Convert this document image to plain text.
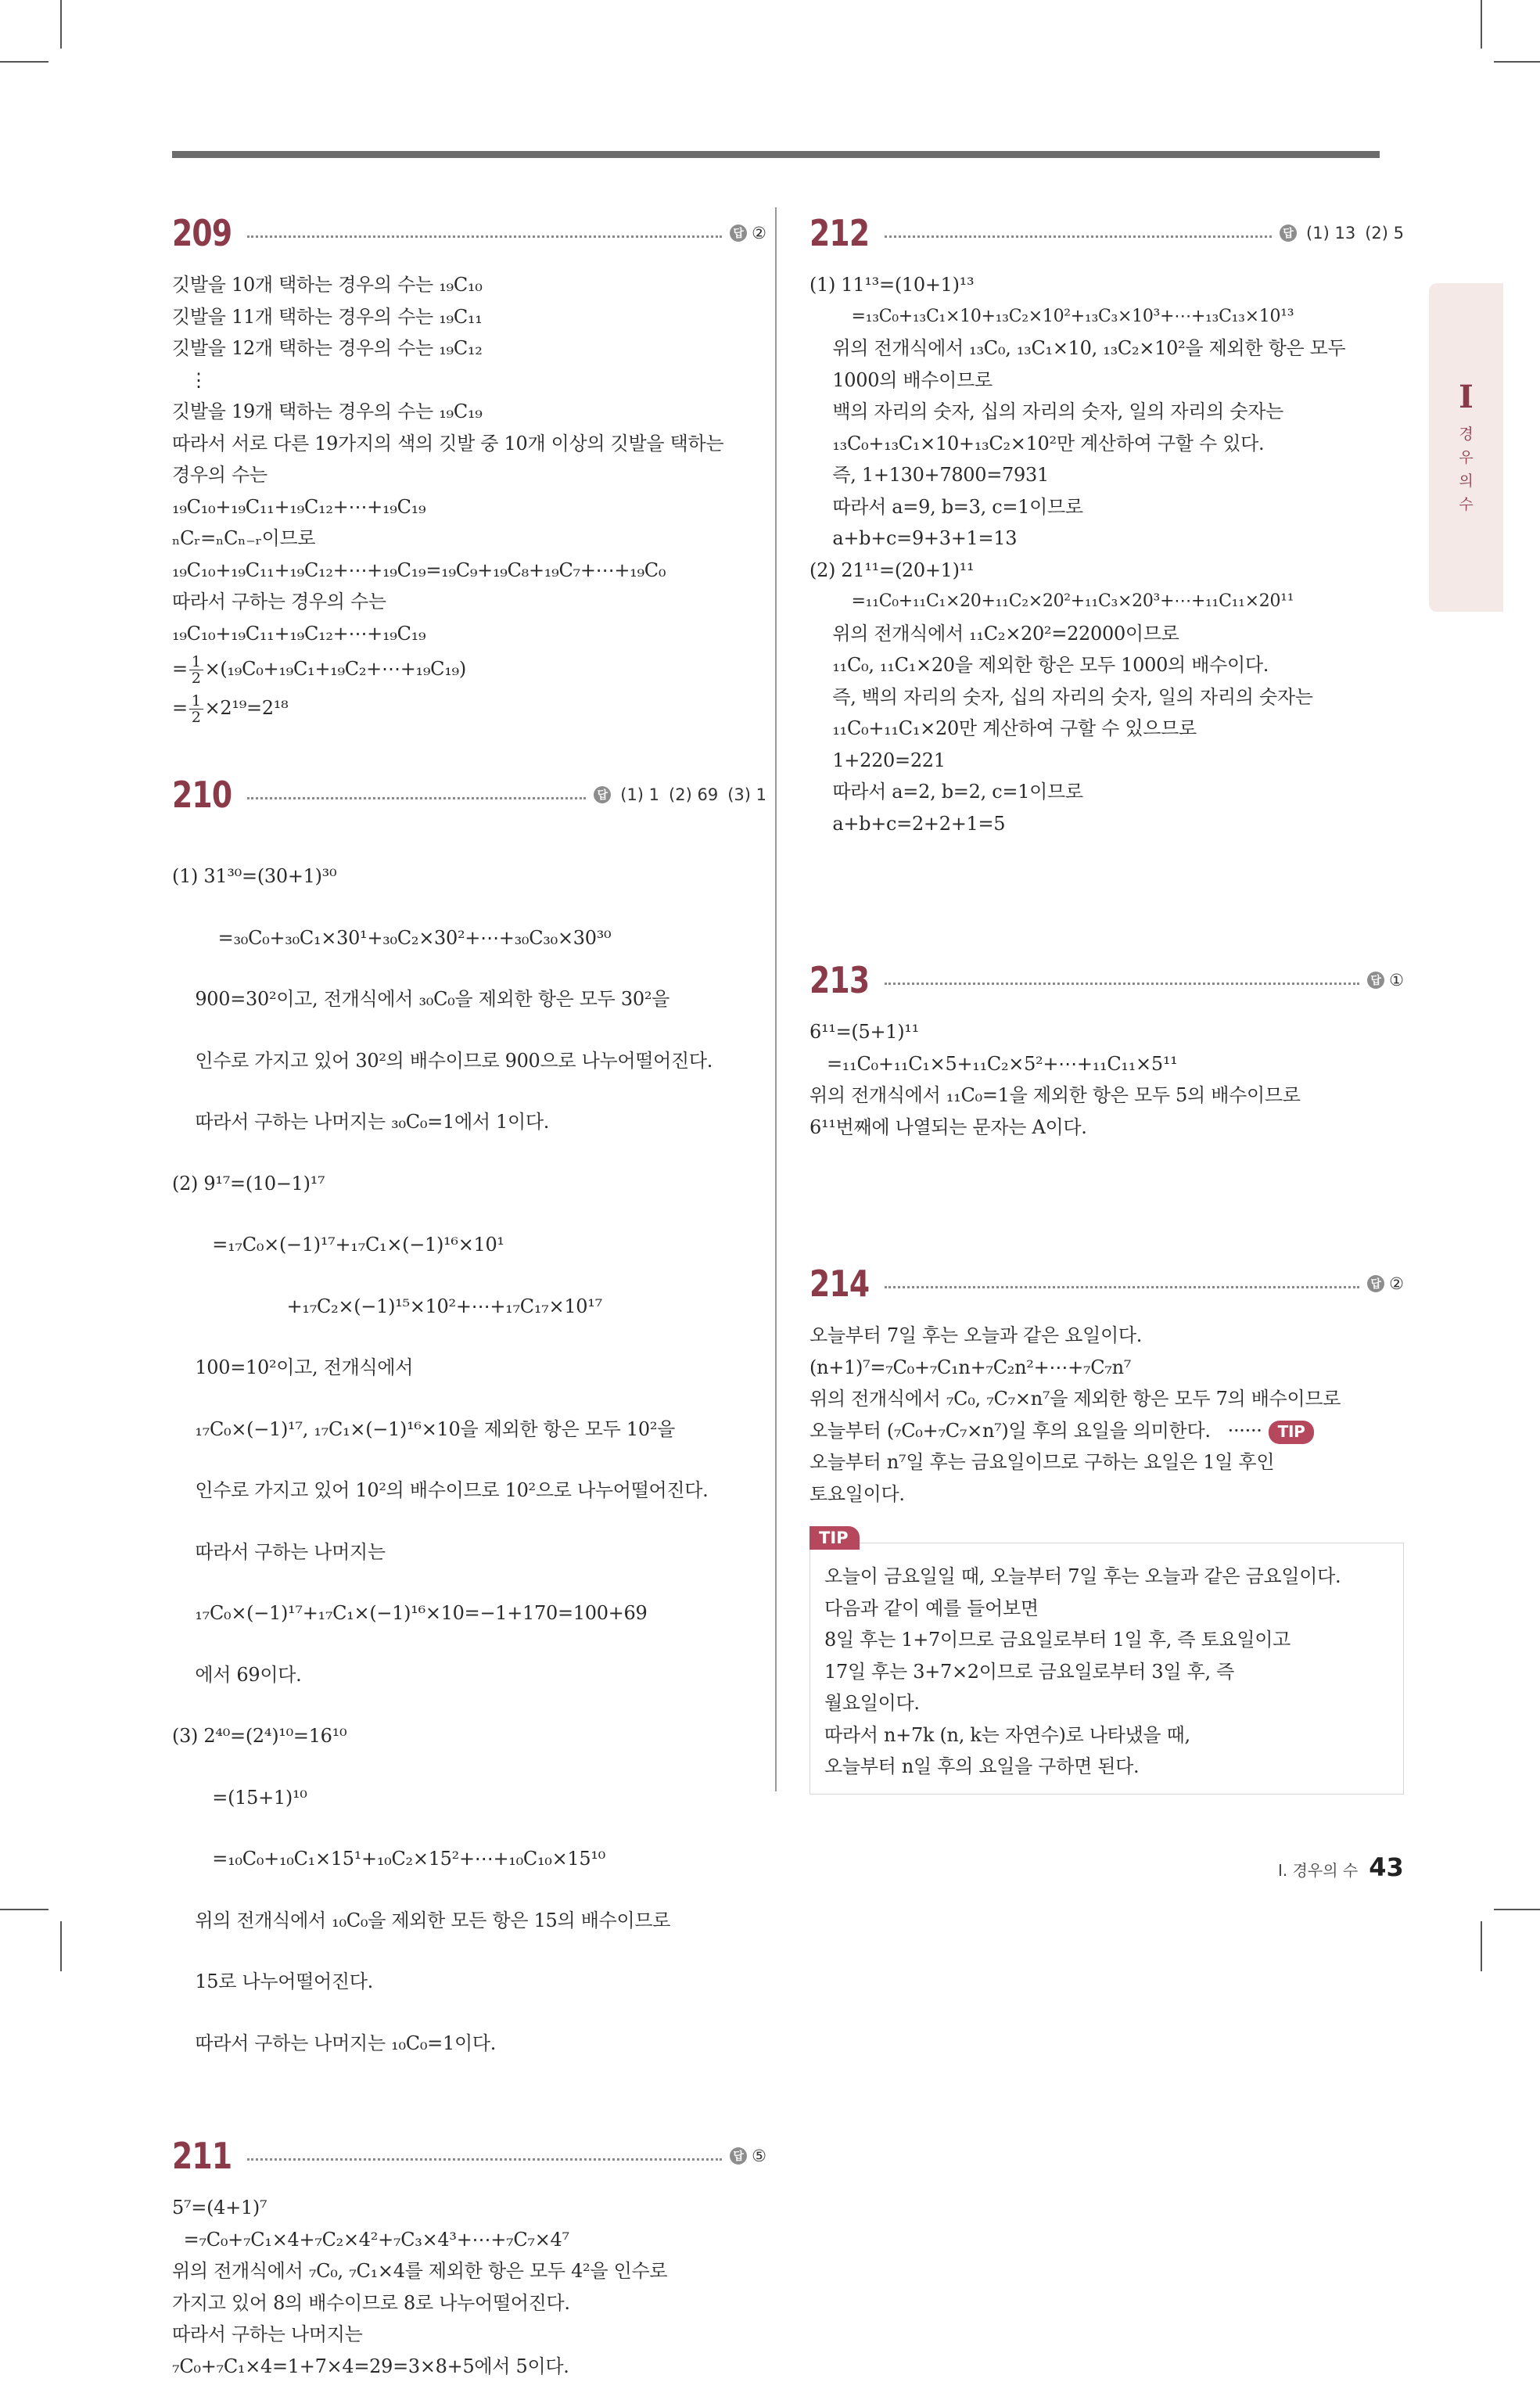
209	답 ②
깃발을 10개 택하는 경우의 수는 ₁₉C₁₀
깃발을 11개 택하는 경우의 수는 ₁₉C₁₁
깃발을 12개 택하는 경우의 수는 ₁₉C₁₂
⋮
깃발을 19개 택하는 경우의 수는 ₁₉C₁₉
따라서 서로 다른 19가지의 색의 깃발 중 10개 이상의 깃발을 택하는
경우의 수는
₁₉C₁₀+₁₉C₁₁+₁₉C₁₂+⋯+₁₉C₁₉
ₙCᵣ=ₙCₙ₋ᵣ이므로
₁₉C₁₀+₁₉C₁₁+₁₉C₁₂+⋯+₁₉C₁₉=₁₉C₉+₁₉C₈+₁₉C₇+⋯+₁₉C₀
따라서 구하는 경우의 수는
₁₉C₁₀+₁₉C₁₁+₁₉C₁₂+⋯+₁₉C₁₉
= $\frac{1}{2}$ ×(₁₉C₀+₁₉C₁+₁₉C₂+⋯+₁₉C₁₉)
= $\frac{1}{2} \times 2^{19}=2^{18}$
210	답 (1) 1 (2) 69 (3) 1

(1) 31³⁰=(30+1)³⁰

=₃₀C₀+₃₀C₁×30¹+₃₀C₂×30²+⋯+₃₀C₃₀×30³⁰

900=30²이고, 전개식에서 ₃₀C₀을 제외한 항은 모두 30²을

인수로 가지고 있어 30²의 배수이므로 900으로 나누어떨어진다.

따라서 구하는 나머지는 ₃₀C₀=1에서 1이다.

(2) 9¹⁷=(10−1)¹⁷

=₁₇C₀×(−1)¹⁷+₁₇C₁×(−1)¹⁶×10¹

+₁₇C₂×(−1)¹⁵×10²+⋯+₁₇C₁₇×10¹⁷

100=10²이고, 전개식에서

₁₇C₀×(−1)¹⁷, ₁₇C₁×(−1)¹⁶×10을 제외한 항은 모두 10²을

인수로 가지고 있어 10²의 배수이므로 10²으로 나누어떨어진다.

따라서 구하는 나머지는

₁₇C₀×(−1)¹⁷+₁₇C₁×(−1)¹⁶×10=−1+170=100+69

에서 69이다.

(3) 2⁴⁰=(2⁴)¹⁰=16¹⁰

=(15+1)¹⁰

=₁₀C₀+₁₀C₁×15¹+₁₀C₂×15²+⋯+₁₀C₁₀×15¹⁰

위의 전개식에서 ₁₀C₀을 제외한 모든 항은 15의 배수이므로

15로 나누어떨어진다.

따라서 구하는 나머지는 ₁₀C₀=1이다.

211	답 ⑤
5⁷=(4+1)⁷
=₇C₀+₇C₁×4+₇C₂×4²+₇C₃×4³+⋯+₇C₇×4⁷
위의 전개식에서 ₇C₀, ₇C₁×4를 제외한 항은 모두 4²을 인수로
가지고 있어 8의 배수이므로 8로 나누어떨어진다.
따라서 구하는 나머지는
₇C₀+₇C₁×4=1+7×4=29=3×8+5에서 5이다.
212	답 (1) 13 (2) 5
(1) 11¹³=(10+1)¹³
=₁₃C₀+₁₃C₁×10+₁₃C₂×10²+₁₃C₃×10³+⋯+₁₃C₁₃×10¹³
위의 전개식에서 ₁₃C₀, ₁₃C₁×10, ₁₃C₂×10²을 제외한 항은 모두
1000의 배수이므로
백의 자리의 숫자, 십의 자리의 숫자, 일의 자리의 숫자는
₁₃C₀+₁₃C₁×10+₁₃C₂×10²만 계산하여 구할 수 있다.
즉, 1+130+7800=7931
따라서 a=9, b=3, c=1이므로
a+b+c=9+3+1=13
(2) 21¹¹=(20+1)¹¹
=₁₁C₀+₁₁C₁×20+₁₁C₂×20²+₁₁C₃×20³+⋯+₁₁C₁₁×20¹¹
위의 전개식에서 ₁₁C₂×20²=22000이므로
₁₁C₀, ₁₁C₁×20을 제외한 항은 모두 1000의 배수이다.
즉, 백의 자리의 숫자, 십의 자리의 숫자, 일의 자리의 숫자는
₁₁C₀+₁₁C₁×20만 계산하여 구할 수 있으므로
1+220=221
따라서 a=2, b=2, c=1이므로
a+b+c=2+2+1=5
213	답 ①
6¹¹=(5+1)¹¹
=₁₁C₀+₁₁C₁×5+₁₁C₂×5²+⋯+₁₁C₁₁×5¹¹
위의 전개식에서 ₁₁C₀=1을 제외한 항은 모두 5의 배수이므로
6¹¹번째에 나열되는 문자는 A이다.
214	답 ②
오늘부터 7일 후는 오늘과 같은 요일이다.
(n+1)⁷=₇C₀+₇C₁n+₇C₂n²+⋯+₇C₇n⁷
위의 전개식에서 ₇C₀, ₇C₇×n⁷을 제외한 항은 모두 7의 배수이므로
오늘부터 (₇C₀+₇C₇×n⁷)일 후의 요일을 의미한다.   ······ TIP
오늘부터 n⁷일 후는 금요일이므로 구하는 요일은 1일 후인
토요일이다.
TIP
오늘이 금요일일 때, 오늘부터 7일 후는 오늘과 같은 금요일이다.
다음과 같이 예를 들어보면
8일 후는 1+7이므로 금요일로부터 1일 후, 즉 토요일이고
17일 후는 3+7×2이므로 금요일로부터 3일 후, 즉
월요일이다.
따라서 n+7k (n, k는 자연수)로 나타냈을 때,
오늘부터 n일 후의 요일을 구하면 된다.
I
경
우
의
수
I. 경우의 수 43
